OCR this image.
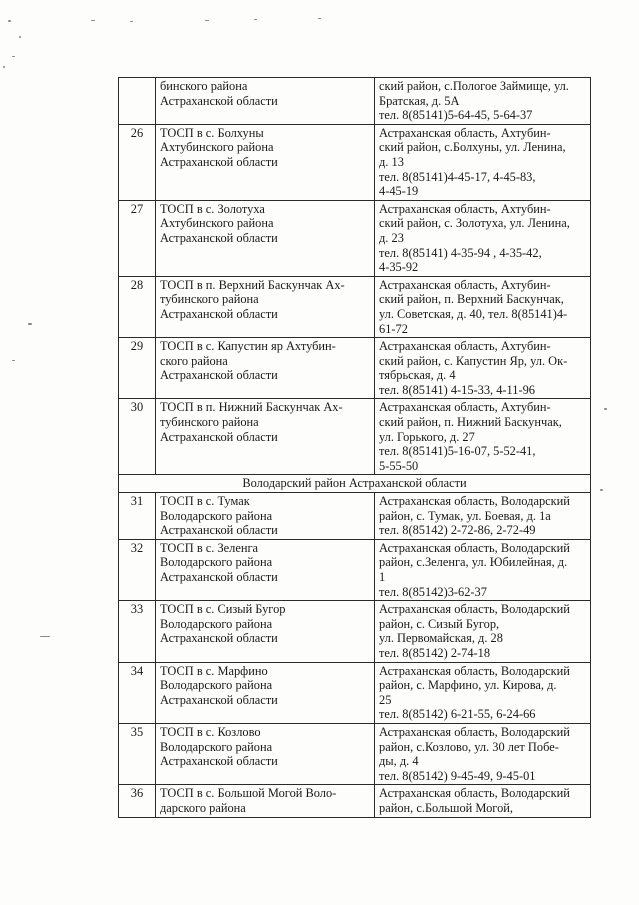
	бинского района
Астраханской области	ский район, с.Пологое Займище, ул.
Братская, д. 5А
тел. 8(85141)5-64-45, 5-64-37
26	ТОСП в с. Болхуны
Ахтубинского района
Астраханской области	Астраханская область, Ахтубин-
ский район, с.Болхуны, ул. Ленина,
д. 13
тел. 8(85141)4-45-17, 4-45-83,
4-45-19
27	ТОСП в с. Золотуха
Ахтубинского района
Астраханской области	Астраханская область, Ахтубин-
ский район, с. Золотуха, ул. Ленина,
д. 23
тел. 8(85141) 4-35-94 , 4-35-42,
4-35-92
28	ТОСП в п. Верхний Баскунчак Ах-
тубинского района
Астраханской области	Астраханская область, Ахтубин-
ский район, п. Верхний Баскунчак,
ул. Советская, д. 40, тел. 8(85141)4-
61-72
29	ТОСП в с. Капустин яр Ахтубин-
ского района
Астраханской области	Астраханская область, Ахтубин-
ский район, с. Капустин Яр, ул. Ок-
тябрьская, д. 4
тел. 8(85141) 4-15-33, 4-11-96
30	ТОСП в п. Нижний Баскунчак Ах-
тубинского района
Астраханской области	Астраханская область, Ахтубин-
ский район, п. Нижний Баскунчак,
ул. Горького, д. 27
тел. 8(85141)5-16-07, 5-52-41,
5-55-50
Володарский район Астраханской области		
31	ТОСП в с. Тумак
Володарского района
Астраханской области	Астраханская область, Володарский
район, с. Тумак, ул. Боевая, д. 1а
тел. 8(85142) 2-72-86, 2-72-49
32	ТОСП в с. Зеленга
Володарского района
Астраханской области	Астраханская область, Володарский
район, с.Зеленга, ул. Юбилейная, д.
1
тел. 8(85142)3-62-37
33	ТОСП в с. Сизый Бугор
Володарского района
Астраханской области	Астраханская область, Володарский
район, с. Сизый Бугор,
ул. Первомайская, д. 28
тел. 8(85142) 2-74-18
34	ТОСП в с. Марфино
Володарского района
Астраханской области	Астраханская область, Володарский
район, с. Марфино, ул. Кирова, д.
25
тел. 8(85142) 6-21-55, 6-24-66
35	ТОСП в с. Козлово
Володарского района
Астраханской области	Астраханская область, Володарский
район, с.Козлово, ул. 30 лет Побе-
ды, д. 4
тел. 8(85142) 9-45-49, 9-45-01
36	ТОСП в с. Большой Могой Воло-
дарского района	Астраханская область, Володарский
район, с.Большой Могой,
